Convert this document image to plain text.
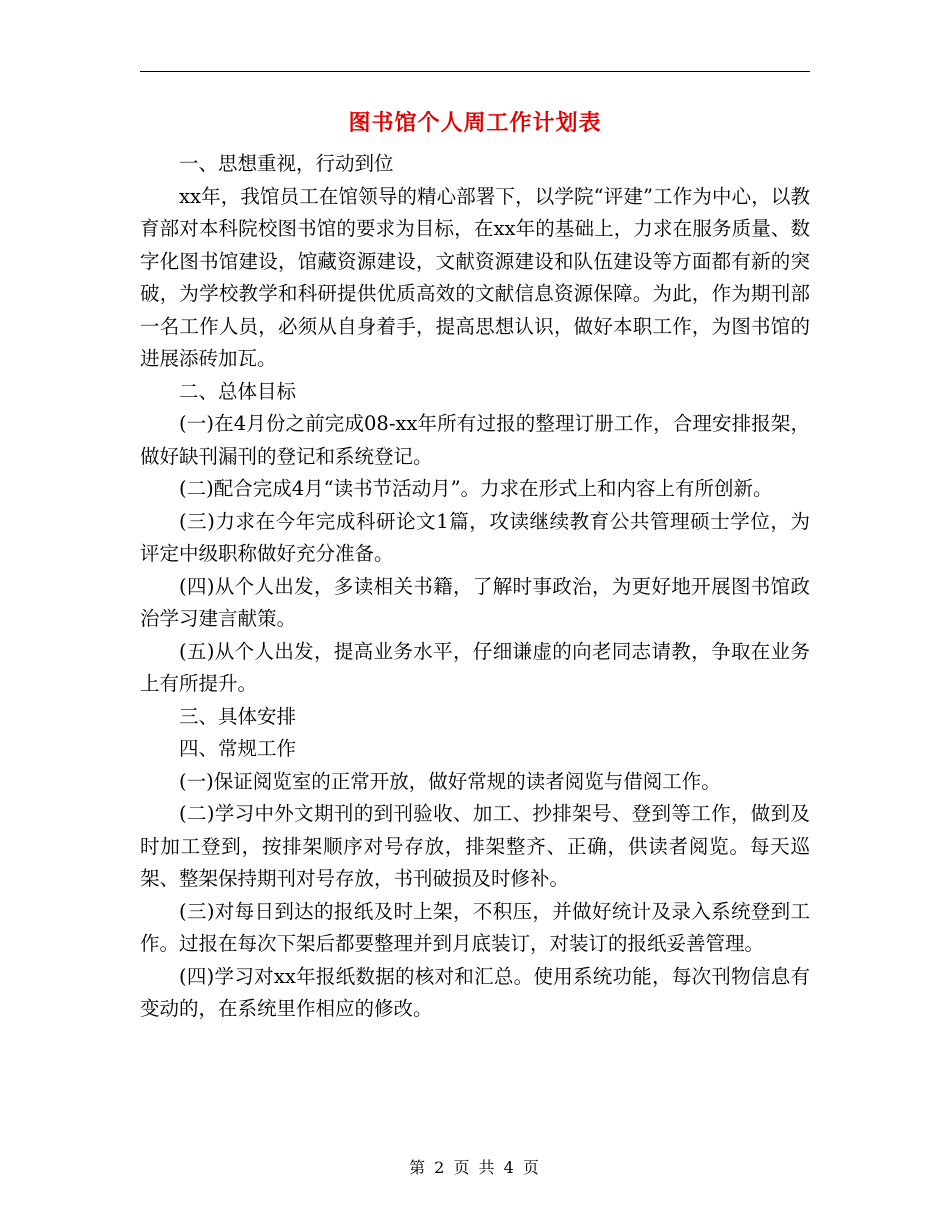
图书馆个人周工作计划表

一、思想重视，行动到位

xx年，我馆员工在馆领导的精心部署下，以学院“评建”工作为中心，以教育部对本科院校图书馆的要求为目标，在xx年的基础上，力求在服务质量、数字化图书馆建设，馆藏资源建设，文献资源建设和队伍建设等方面都有新的突破，为学校教学和科研提供优质高效的文献信息资源保障。为此，作为期刊部一名工作人员，必须从自身着手，提高思想认识，做好本职工作，为图书馆的进展添砖加瓦。

二、总体目标

(一)在4月份之前完成08-xx年所有过报的整理订册工作，合理安排报架，做好缺刊漏刊的登记和系统登记。

(二)配合完成4月“读书节活动月”。力求在形式上和内容上有所创新。

(三)力求在今年完成科研论文1篇，攻读继续教育公共管理硕士学位，为评定中级职称做好充分准备。

(四)从个人出发，多读相关书籍，了解时事政治，为更好地开展图书馆政治学习建言献策。

(五)从个人出发，提高业务水平，仔细谦虚的向老同志请教，争取在业务上有所提升。

三、具体安排

四、常规工作

(一)保证阅览室的正常开放，做好常规的读者阅览与借阅工作。

(二)学习中外文期刊的到刊验收、加工、抄排架号、登到等工作，做到及时加工登到，按排架顺序对号存放，排架整齐、正确，供读者阅览。每天巡架、整架保持期刊对号存放，书刊破损及时修补。

(三)对每日到达的报纸及时上架，不积压，并做好统计及录入系统登到工作。过报在每次下架后都要整理并到月底装订，对装订的报纸妥善管理。

(四)学习对xx年报纸数据的核对和汇总。使用系统功能，每次刊物信息有变动的，在系统里作相应的修改。

第 2 页 共 4 页
